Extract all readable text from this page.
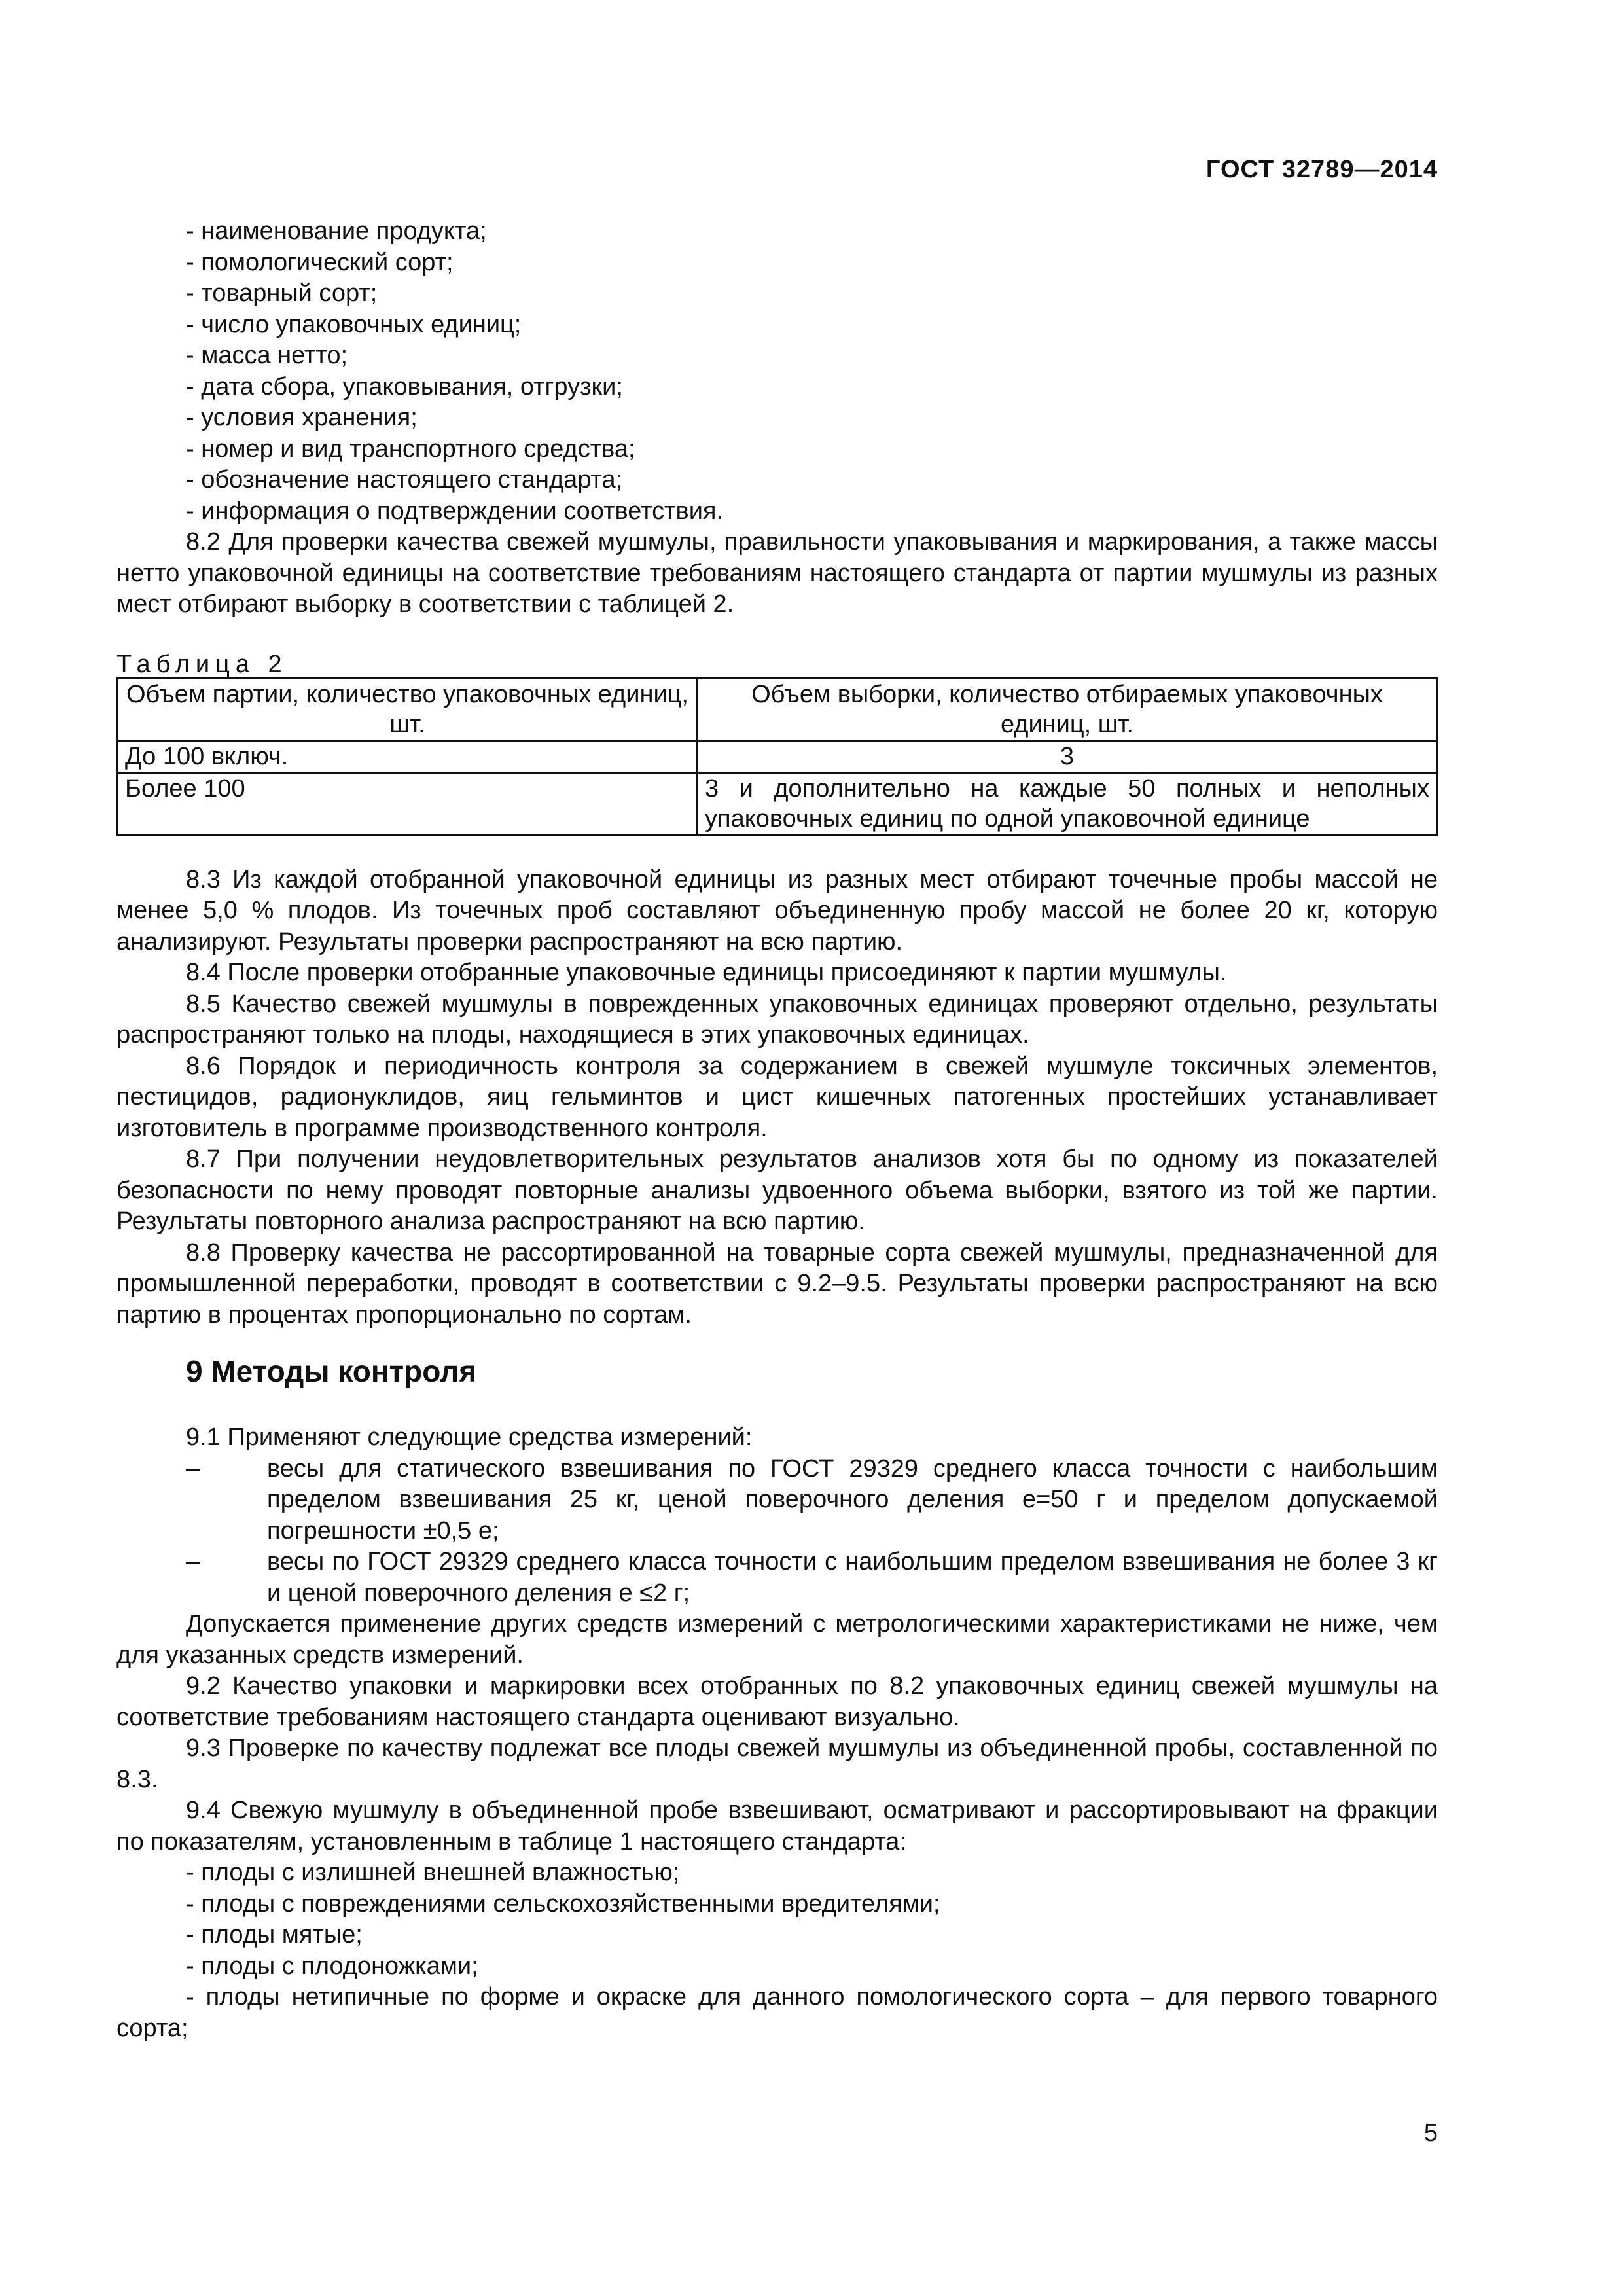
ГОСТ 32789—2014
- наименование продукта;
- помологический сорт;
- товарный сорт;
- число упаковочных единиц;
- масса нетто;
- дата сбора, упаковывания, отгрузки;
- условия хранения;
- номер и вид транспортного средства;
- обозначение настоящего стандарта;
- информация о подтверждении соответствия.
8.2 Для проверки качества свежей мушмулы, правильности упаковывания и маркирования, а также массы нетто упаковочной единицы на соответствие требованиям настоящего стандарта от партии мушмулы из разных мест отбирают выборку в соответствии с таблицей 2.
Таблица 2
Объем партии, количество упаковочных единиц, шт.	Объем выборки, количество отбираемых упаковочных единиц, шт.
До 100 включ.	3
Более 100	3 и дополнительно на каждые 50 полных и неполных упаковочных единиц по одной упаковочной единице
8.3 Из каждой отобранной упаковочной единицы из разных мест отбирают точечные пробы массой не менее 5,0 % плодов. Из точечных проб составляют объединенную пробу массой не более 20 кг, которую анализируют. Результаты проверки распространяют на всю партию.
8.4 После проверки отобранные упаковочные единицы присоединяют к партии мушмулы.
8.5 Качество свежей мушмулы в поврежденных упаковочных единицах проверяют отдельно, результаты распространяют только на плоды, находящиеся в этих упаковочных единицах.
8.6 Порядок и периодичность контроля за содержанием в свежей мушмуле токсичных элементов, пестицидов, радионуклидов, яиц гельминтов и цист кишечных патогенных простейших устанавливает изготовитель в программе производственного контроля.
8.7 При получении неудовлетворительных результатов анализов хотя бы по одному из показателей безопасности по нему проводят повторные анализы удвоенного объема выборки, взятого из той же партии. Результаты повторного анализа распространяют на всю партию.
8.8 Проверку качества не рассортированной на товарные сорта свежей мушмулы, предназначенной для промышленной переработки, проводят в соответствии с 9.2–9.5. Результаты проверки распространяют на всю партию в процентах пропорционально по сортам.
9 Методы контроля
9.1 Применяют следующие средства измерений:
–	весы для статического взвешивания по ГОСТ 29329 среднего класса точности с наибольшим пределом взвешивания 25 кг, ценой поверочного деления е=50 г и пределом допускаемой погрешности ±0,5 е;
–	весы по ГОСТ 29329 среднего класса точности с наибольшим пределом взвешивания не более 3 кг и ценой поверочного деления е ≤2 г;
Допускается применение других средств измерений с метрологическими характеристиками не ниже, чем для указанных средств измерений.
9.2 Качество упаковки и маркировки всех отобранных по 8.2 упаковочных единиц свежей мушмулы на соответствие требованиям настоящего стандарта оценивают визуально.
9.3 Проверке по качеству подлежат все плоды свежей мушмулы из объединенной пробы, составленной по 8.3.
9.4 Свежую мушмулу в объединенной пробе взвешивают, осматривают и рассортировывают на фракции по показателям, установленным в таблице 1 настоящего стандарта:
- плоды с излишней внешней влажностью;
- плоды с повреждениями сельскохозяйственными вредителями;
- плоды мятые;
- плоды с плодоножками;
- плоды нетипичные по форме и окраске для данного помологического сорта – для первого товарного сорта;
5
